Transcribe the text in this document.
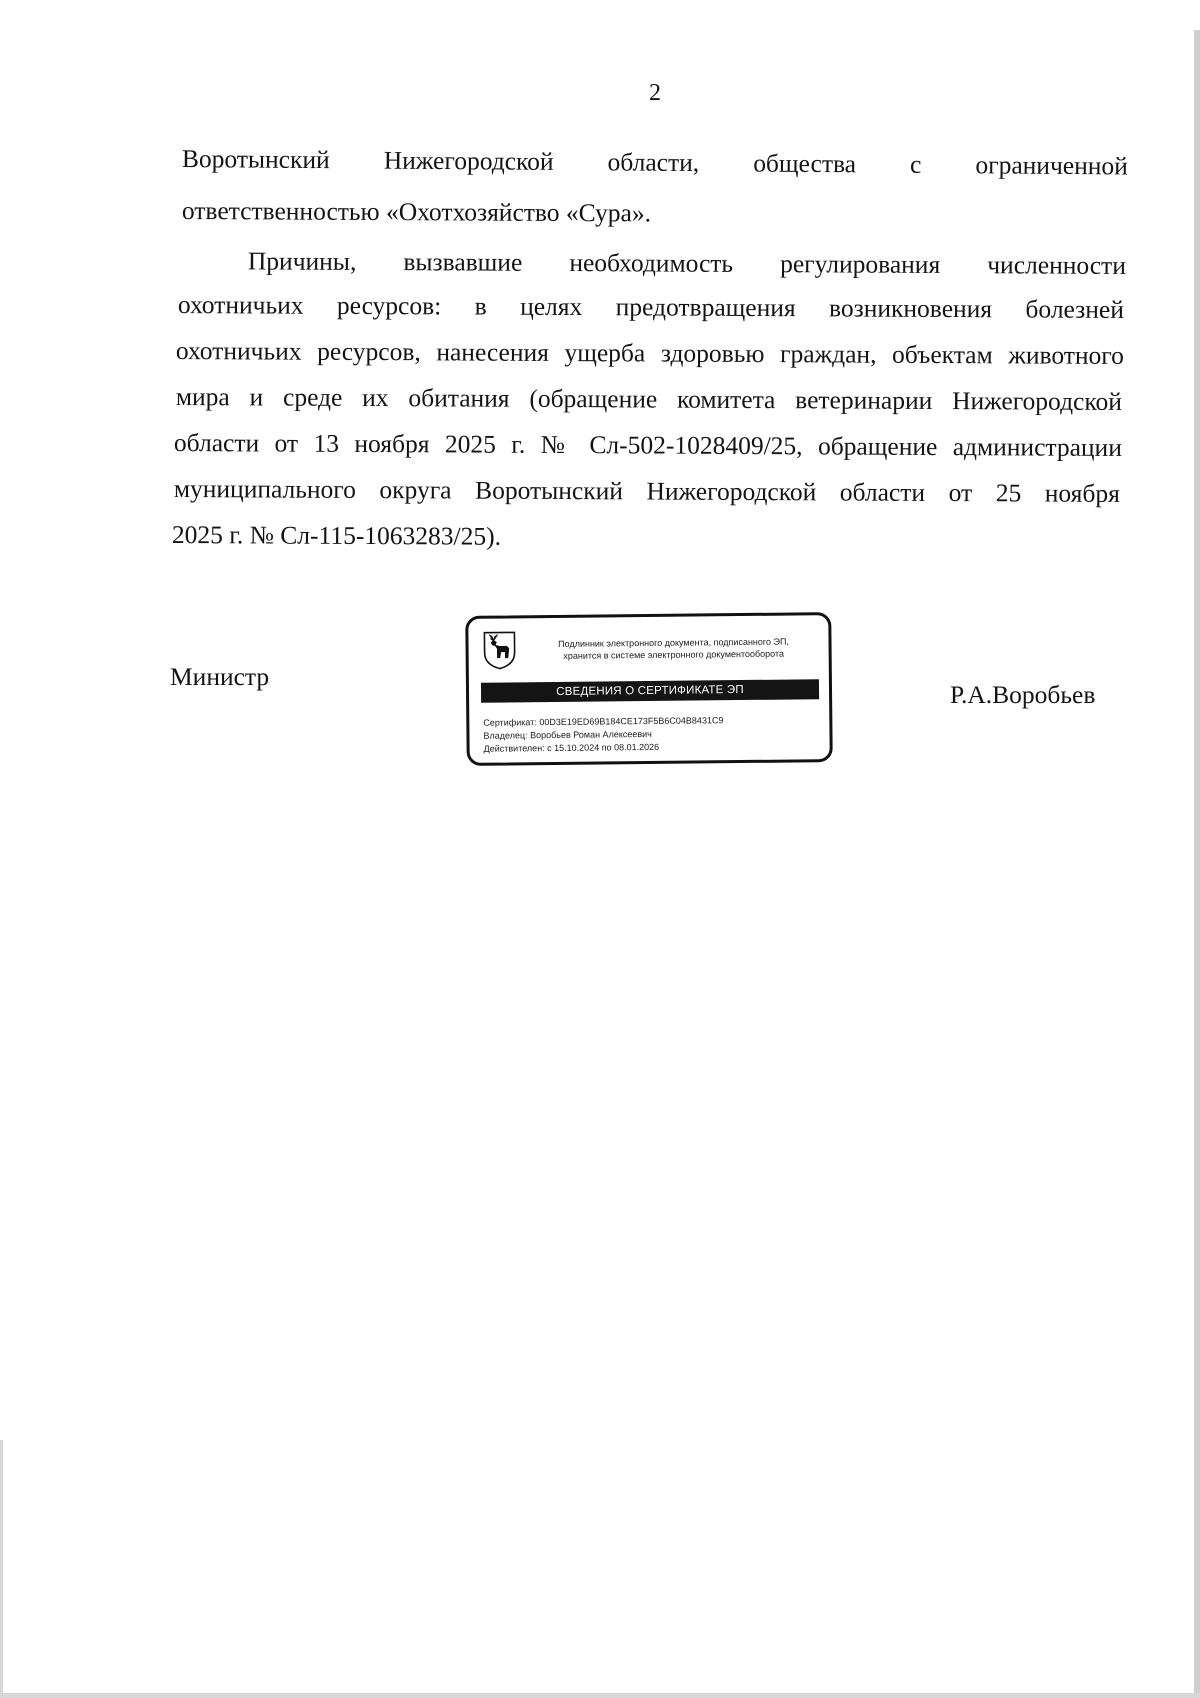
2
Воротынский Нижегородской области, общества с ограниченной
ответственностью «Охотхозяйство «Сура».
Причины, вызвавшие необходимость регулирования численности
охотничьих ресурсов: в целях предотвращения возникновения болезней
охотничьих ресурсов, нанесения ущерба здоровью граждан, объектам животного
мира и среде их обитания (обращение комитета ветеринарии Нижегородской
области от 13 ноября 2025 г. № Сл-502-1028409/25, обращение администрации
муниципального округа Воротынский Нижегородской области от 25 ноября
2025 г. № Сл-115-1063283/25).
Министр
Подлинник электронного документа, подписанного ЭП,
хранится в системе электронного документооборота
СВЕДЕНИЯ О СЕРТИФИКАТЕ ЭП
Сертификат: 00D3E19ED69B184CE173F5B6C04B8431C9
Владелец: Воробьев Роман Алексеевич
Действителен: с 15.10.2024 по 08.01.2026
Р.А.Воробьев
